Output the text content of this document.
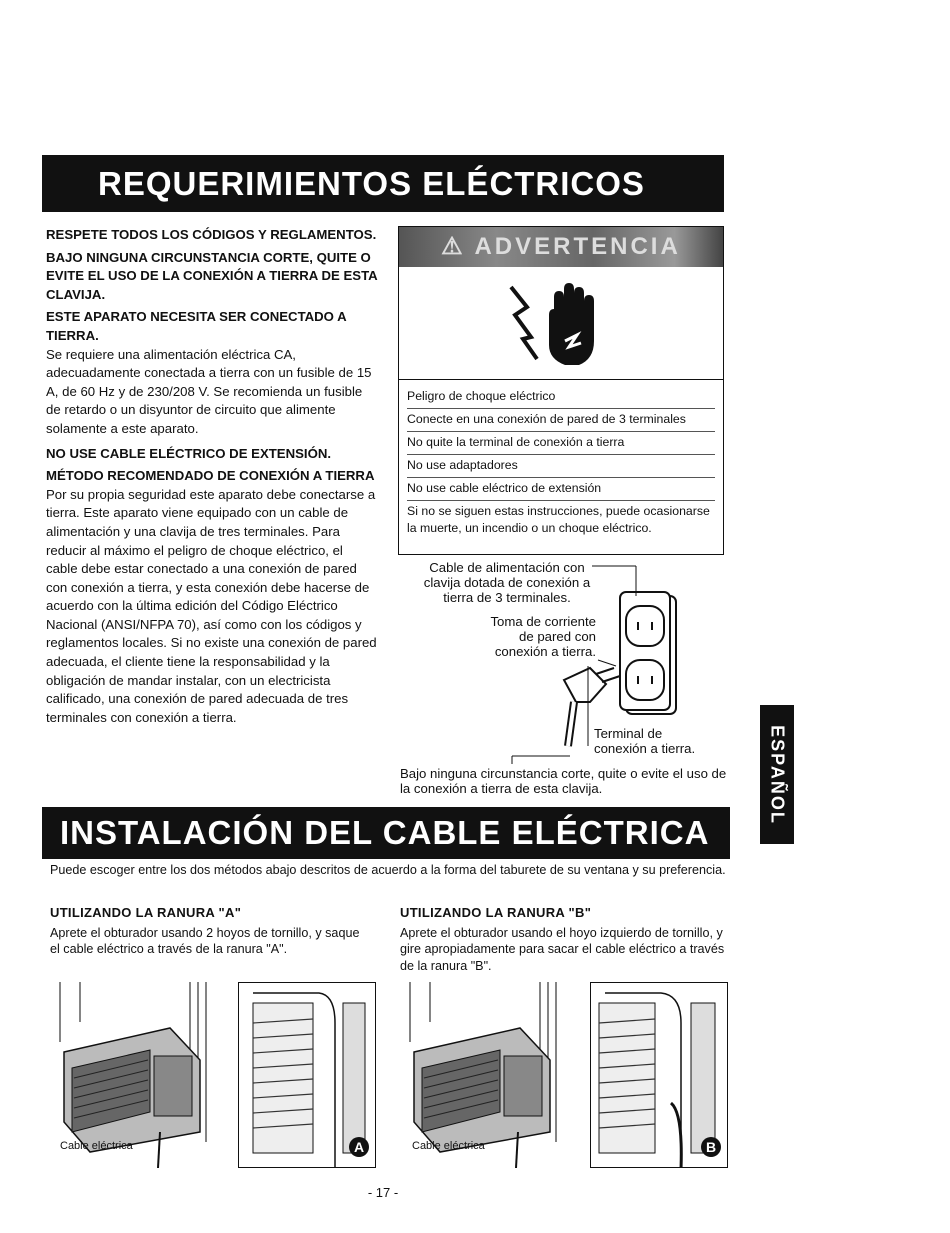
REQUERIMIENTOS ELÉCTRICOS
RESPETE TODOS LOS CÓDIGOS Y REGLAMENTOS.
BAJO NINGUNA CIRCUNSTANCIA CORTE, QUITE O EVITE EL USO DE LA CONEXIÓN A TIERRA DE ESTA CLAVIJA.
ESTE APARATO NECESITA SER CONECTADO A TIERRA.
Se requiere una alimentación eléctrica CA, adecuadamente conectada a tierra con un fusible de 15 A, de 60 Hz y de 230/208 V. Se recomienda un fusible de retardo o un disyuntor de circuito que alimente solamente a este aparato.
NO USE CABLE ELÉCTRICO DE EXTENSIÓN.
MÉTODO RECOMENDADO DE CONEXIÓN A TIERRA
Por su propia seguridad este aparato debe conectarse a tierra. Este aparato viene equipado con un cable de alimentación y una clavija de tres terminales. Para reducir al máximo el peligro de choque eléctrico, el cable debe estar conectado a una conexión de pared con conexión a tierra, y esta conexión debe hacerse de acuerdo con la última edición del Código Eléctrico Nacional (ANSI/NFPA 70), así como con los códigos y reglamentos locales. Si no existe una conexión de pared adecuada, el cliente tiene la responsabilidad y la obligación de mandar instalar, con un electricista calificado, una conexión de pared adecuada de tres terminales con conexión a tierra.
⚠ ADVERTENCIA
Peligro de choque eléctrico
Conecte en una conexión de pared de 3 terminales
No quite la terminal de conexión a tierra
No use adaptadores
No use cable eléctrico de extensión
Si no se siguen estas instrucciones, puede ocasionarse la muerte, un incendio o un choque eléctrico.
Cable de alimentación con clavija dotada de conexión a tierra de 3 terminales.
Toma de corriente de pared con conexión a tierra.
Terminal de conexión a tierra.
Bajo ninguna circunstancia corte, quite o evite el uso de la conexión a tierra de esta clavija.	ESPAÑOL
INSTALACIÓN DEL CABLE ELÉCTRICA
Puede escoger entre los dos métodos abajo descritos de acuerdo a la forma del taburete de su ventana y su preferencia.
UTILIZANDO LA RANURA "A"
Aprete el obturador usando 2 hoyos de tornillo, y saque el cable eléctrico a través de la ranura "A".
UTILIZANDO LA RANURA "B"
Aprete el obturador usando el hoyo izquierdo de tornillo, y gire apropiadamente para sacar el cable eléctrico a través de la ranura "B".
Cable eléctrica	A	Cable eléctrica	B
- 17 -
